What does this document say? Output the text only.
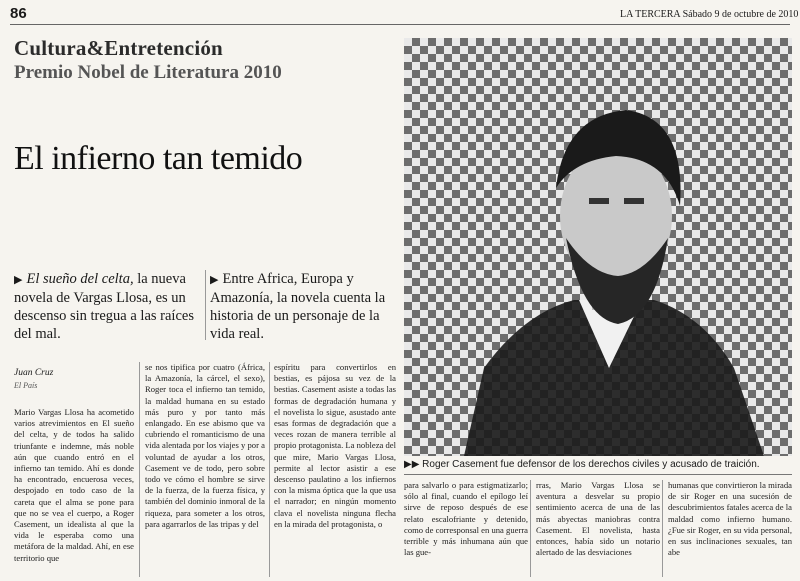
86	LA TERCERA Sábado 9 de octubre de 2010
Cultura&Entretención
Premio Nobel de Literatura 2010
El infierno tan temido
▶ El sueño del celta, la nueva novela de Vargas Llosa, es un descenso sin tregua a las raíces del mal.
▶ Entre Africa, Europa y Amazonía, la novela cuenta la historia de un personaje de la vida real.
▶▶ Roger Casement fue defensor de los derechos civiles y acusado de traición.
Juan Cruz
El País
Mario Vargas Llosa ha acometido varios atrevimientos en El sueño del celta, y de todos ha salido triunfante e indemne, más noble aún que cuando entró en el infierno tan temido. Ahí es donde ha encontrado, encuerosa veces, despojado en todo caso de la careta que el alma se pone para que no se vea el cuerpo, a Roger Casement, un idealista al que la vida le esperaba como una metáfora de la maldad. Ahí, en ese territorio que
se nos tipifica por cuatro (África, la Amazonía, la cárcel, el sexo), Roger toca el infierno tan temido, la maldad humana en su estado más puro y por tanto más enlangado. En ese abismo que va cubriendo el romanticismo de una vida alentada por los viajes y por a voluntad de ayudar a los otros, Casement ve de todo, pero sobre todo ve cómo el hombre se sirve de la fuerza, de la fuerza física, y también del dominio inmoral de la riqueza, para someter a los otros, para agarrarlos de las tripas y del
espíritu para convertirlos en bestias, es pájosa su vez de la bestias. Casement asiste a todas las formas de degradación humana y el novelista lo sigue, asustado ante esas formas de degradación que a veces rozan de manera terrible al propio protagonista. La nobleza del que mire, Mario Vargas Llosa, permite al lector asistir a ese descenso paulatino a los infiernos con la misma óptica que la que usa el narrador; en ningún momento clava el novelista ninguna flecha en la mirada del protagonista, o
para salvarlo o para estigmatizarlo; sólo al final, cuando el epílogo leí sirve de reposo después de ese relato escalofriante y detenido, como de corresponsal en una guerra terrible y más inhumana aún que las gue-
rras, Mario Vargas Llosa se aventura a desvelar su propio sentimiento acerca de una de las más abyectas maniobras contra Casement. El novelista, hasta entonces, había sido un notario alertado de las desviaciones
humanas que convirtieron la mirada de sir Roger en una sucesión de descubrimientos fatales acerca de la maldad como infierno humano. ¿Fue sir Roger, en su vida personal, en sus inclinaciones sexuales, tan abe
